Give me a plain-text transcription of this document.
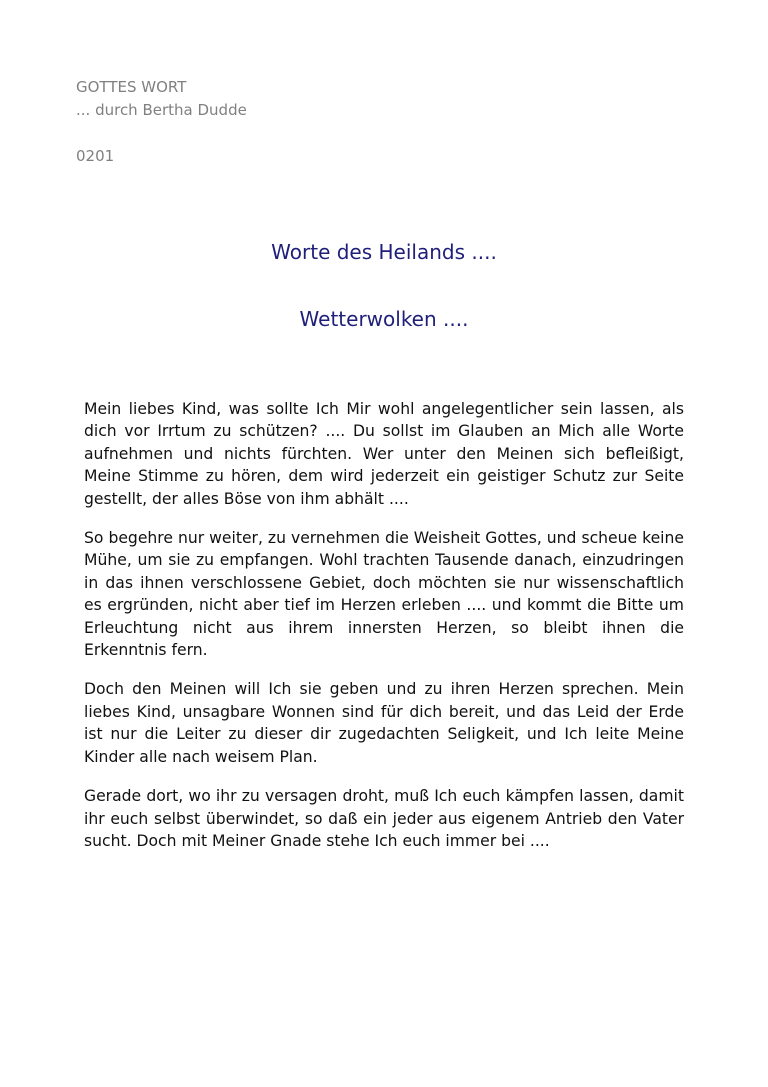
GOTTES WORT
... durch Bertha Dudde
0201
Worte des Heilands ....
Wetterwolken ....

Mein liebes Kind, was sollte Ich Mir wohl angelegentlicher sein lassen, als dich vor Irrtum zu schützen? .... Du sollst im Glauben an Mich alle Worte aufnehmen und nichts fürchten. Wer unter den Meinen sich befleißigt, Meine Stimme zu hören, dem wird jederzeit ein geistiger Schutz zur Seite gestellt, der alles Böse von ihm abhält ....

So begehre nur weiter, zu vernehmen die Weisheit Gottes, und scheue keine Mühe, um sie zu empfangen. Wohl trachten Tausende danach, einzudringen in das ihnen verschlossene Gebiet, doch möchten sie nur wissenschaftlich es ergründen, nicht aber tief im Herzen erleben .... und kommt die Bitte um Erleuchtung nicht aus ihrem innersten Herzen, so bleibt ihnen die Erkenntnis fern.

Doch den Meinen will Ich sie geben und zu ihren Herzen sprechen. Mein liebes Kind, unsagbare Wonnen sind für dich bereit, und das Leid der Erde ist nur die Leiter zu dieser dir zugedachten Seligkeit, und Ich leite Meine Kinder alle nach weisem Plan.

Gerade dort, wo ihr zu versagen droht, muß Ich euch kämpfen lassen, damit ihr euch selbst überwindet, so daß ein jeder aus eigenem Antrieb den Vater sucht. Doch mit Meiner Gnade stehe Ich euch immer bei ....
